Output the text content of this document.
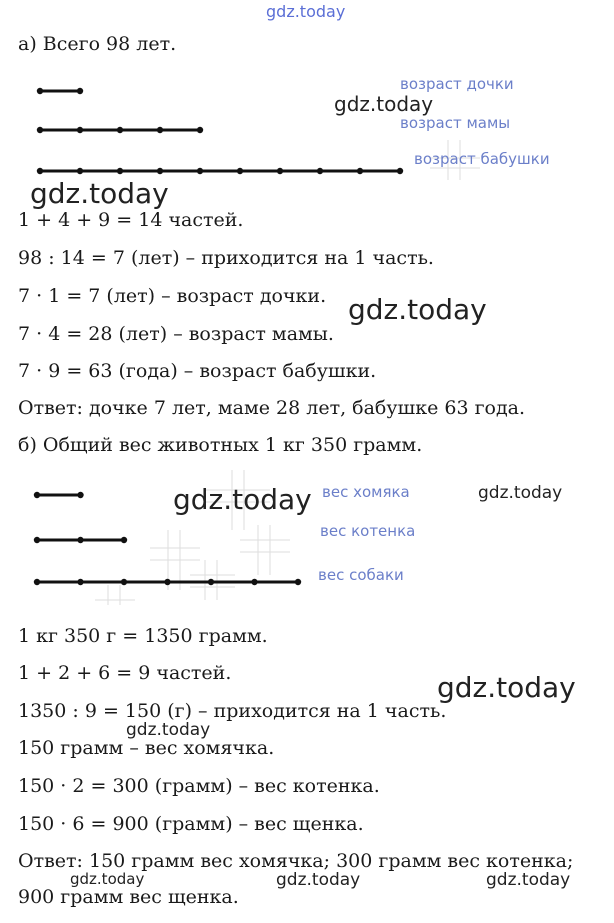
gdz.today
а) Всего 98 лет.
возраст дочки
возраст мамы
возраст бабушки
gdz.today
gdz.today
gdz.today
1 + 4 + 9 = 14 частей.
98 : 14 = 7 (лет) – приходится на 1 часть.
7 · 1 = 7 (лет) – возраст дочки.
7 · 4 = 28 (лет) – возраст мамы.
7 · 9 = 63 (года) – возраст бабушки.
Ответ: дочке 7 лет, маме 28 лет, бабушке 63 года.
б) Общий вес животных 1 кг 350 грамм.
вес хомяка
вес котенка
вес собаки
gdz.today	gdz.today
gdz.today
gdz.today
1 кг 350 г = 1350 грамм.
1 + 2 + 6 = 9 частей.
1350 : 9 = 150 (г) – приходится на 1 часть.
150 грамм – вес хомячка.
150 · 2 = 300 (грамм) – вес котенка.
150 · 6 = 900 (грамм) – вес щенка.
Ответ: 150 грамм вес хомячка; 300 грамм вес котенка;
900 грамм вес щенка.
gdz.today	gdz.today	gdz.today
